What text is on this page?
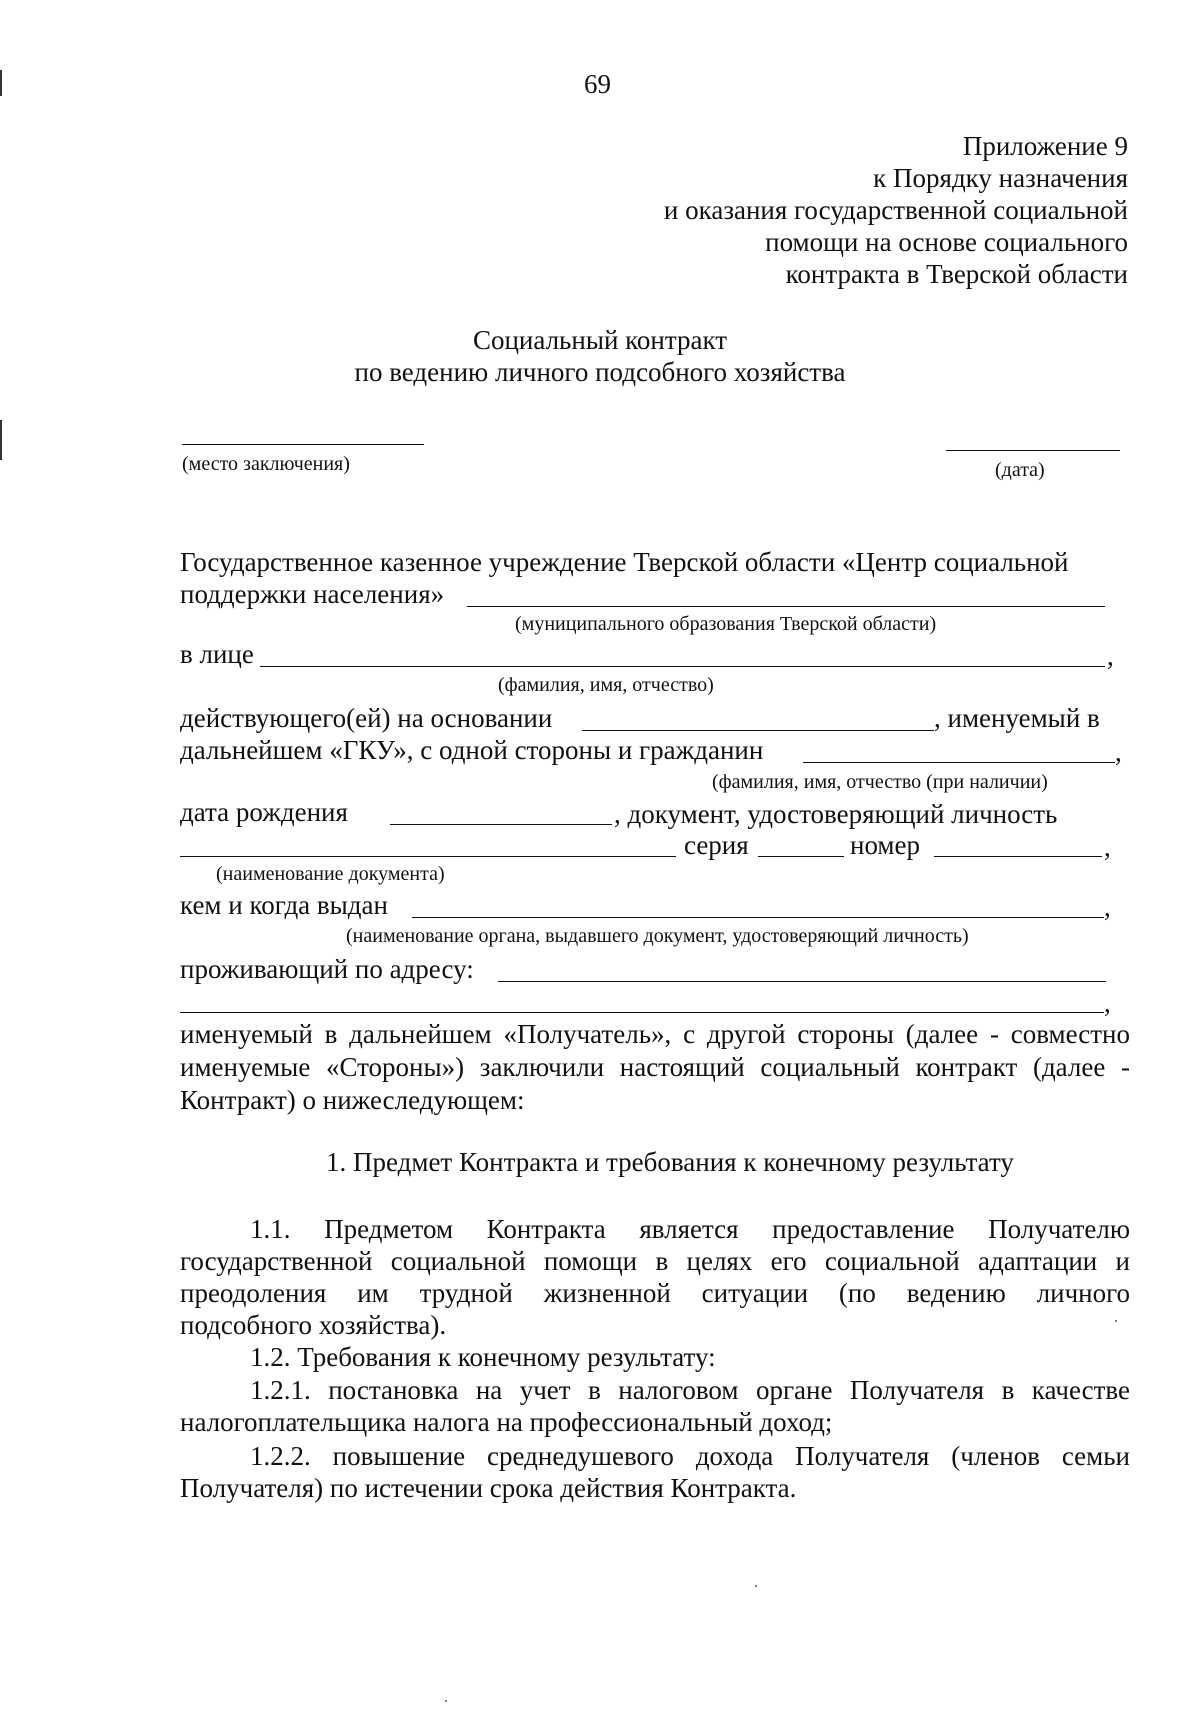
69
Приложение 9
к Порядку назначения
и оказания государственной социальной
помощи на основе социального
контракта в Тверской области
Социальный контракт
по ведению личного подсобного хозяйства
(место заключения)	(дата)
Государственное казенное учреждение Тверской области «Центр социальной
поддержки населения»
(муниципального образования Тверской области)
в лице	,
(фамилия, имя, отчество)
действующего(ей) на основании	, именуемый в
дальнейшем «ГКУ», с одной стороны и гражданин	,
(фамилия, имя, отчество (при наличии)
дата рождения	, документ, удостоверяющий личность
серия	номер	,
(наименование документа)
кем и когда выдан	,
(наименование органа, выдавшего документ, удостоверяющий личность)
проживающий по адресу:
,
именуемый в дальнейшем «Получатель», с другой стороны (далее - совместно
именуемые «Стороны») заключили настоящий социальный контракт (далее -
Контракт) о нижеследующем:
1. Предмет Контракта и требования к конечному результату
1.1. Предметом Контракта является предоставление Получателю
государственной социальной помощи в целях его социальной адаптации и
преодоления им трудной жизненной ситуации (по ведению личного
подсобного хозяйства).
1.2. Требования к конечному результату:
1.2.1. постановка на учет в налоговом органе Получателя в качестве
налогоплательщика налога на профессиональный доход;
1.2.2. повышение среднедушевого дохода Получателя (членов семьи
Получателя) по истечении срока действия Контракта.
